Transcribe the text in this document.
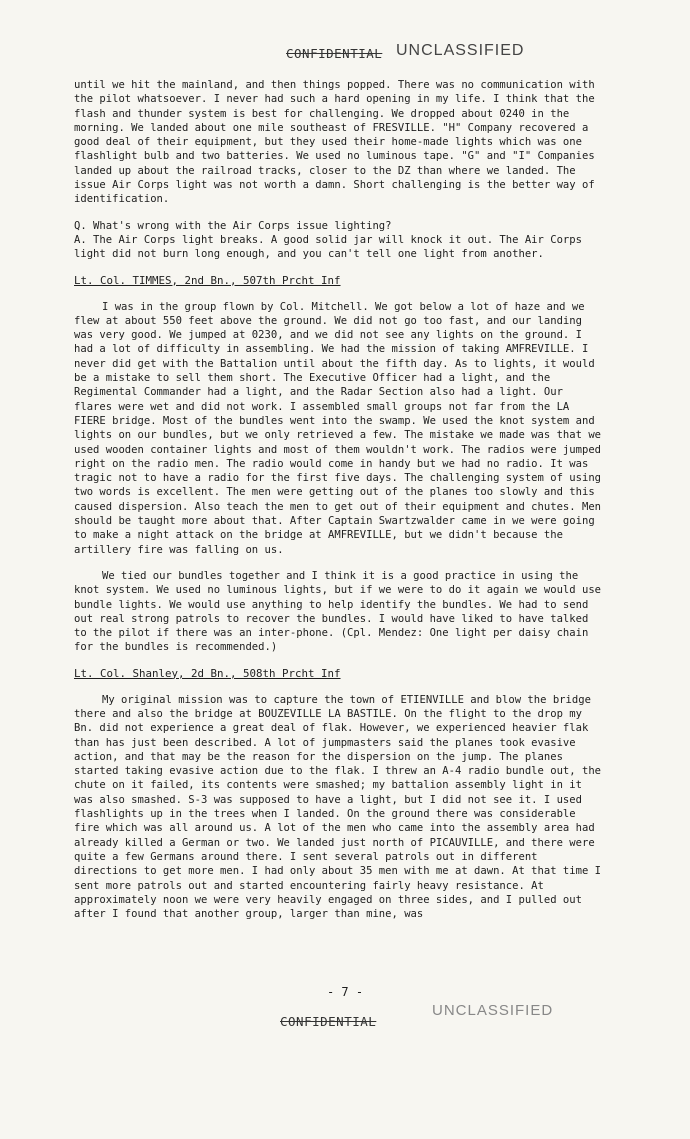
CONFIDENTIAL UNCLASSIFIED

until we hit the mainland, and then things popped. There was no communication with the pilot whatsoever. I never had such a hard opening in my life. I think that the flash and thunder system is best for challenging. We dropped about 0240 in the morning. We landed about one mile southeast of FRESVILLE. "H" Company recovered a good deal of their equipment, but they used their home-made lights which was one flashlight bulb and two batteries. We used no luminous tape. "G" and "I" Companies landed up about the railroad tracks, closer to the DZ than where we landed. The issue Air Corps light was not worth a damn. Short challenging is the better way of identification.

Q. What's wrong with the Air Corps issue lighting?
A. The Air Corps light breaks. A good solid jar will knock it out. The Air Corps light did not burn long enough, and you can't tell one light from another.

Lt. Col. TIMMES, 2nd Bn., 507th Prcht Inf

I was in the group flown by Col. Mitchell. We got below a lot of haze and we flew at about 550 feet above the ground. We did not go too fast, and our landing was very good. We jumped at 0230, and we did not see any lights on the ground. I had a lot of difficulty in assembling. We had the mission of taking AMFREVILLE. I never did get with the Battalion until about the fifth day. As to lights, it would be a mistake to sell them short. The Executive Officer had a light, and the Regimental Commander had a light, and the Radar Section also had a light. Our flares were wet and did not work. I assembled small groups not far from the LA FIERE bridge. Most of the bundles went into the swamp. We used the knot system and lights on our bundles, but we only retrieved a few. The mistake we made was that we used wooden container lights and most of them wouldn't work. The radios were jumped right on the radio men. The radio would come in handy but we had no radio. It was tragic not to have a radio for the first five days. The challenging system of using two words is excellent. The men were getting out of the planes too slowly and this caused dispersion. Also teach the men to get out of their equipment and chutes. Men should be taught more about that. After Captain Swartzwalder came in we were going to make a night attack on the bridge at AMFREVILLE, but we didn't because the artillery fire was falling on us.

We tied our bundles together and I think it is a good practice in using the knot system. We used no luminous lights, but if we were to do it again we would use bundle lights. We would use anything to help identify the bundles. We had to send out real strong patrols to recover the bundles. I would have liked to have talked to the pilot if there was an inter-phone. (Cpl. Mendez: One light per daisy chain for the bundles is recommended.)

Lt. Col. Shanley, 2d Bn., 508th Prcht Inf

My original mission was to capture the town of ETIENVILLE and blow the bridge there and also the bridge at BOUZEVILLE LA BASTILE. On the flight to the drop my Bn. did not experience a great deal of flak. However, we experienced heavier flak than has just been described. A lot of jumpmasters said the planes took evasive action, and that may be the reason for the dispersion on the jump. The planes started taking evasive action due to the flak. I threw an A-4 radio bundle out, the chute on it failed, its contents were smashed; my battalion assembly light in it was also smashed. S-3 was supposed to have a light, but I did not see it. I used flashlights up in the trees when I landed. On the ground there was considerable fire which was all around us. A lot of the men who came into the assembly area had already killed a German or two. We landed just north of PICAUVILLE, and there were quite a few Germans around there. I sent several patrols out in different directions to get more men. I had only about 35 men with me at dawn. At that time I sent more patrols out and started encountering fairly heavy resistance. At approximately noon we were very heavily engaged on three sides, and I pulled out after I found that another group, larger than mine, was

- 7 -
CONFIDENTIAL
UNCLASSIFIED
